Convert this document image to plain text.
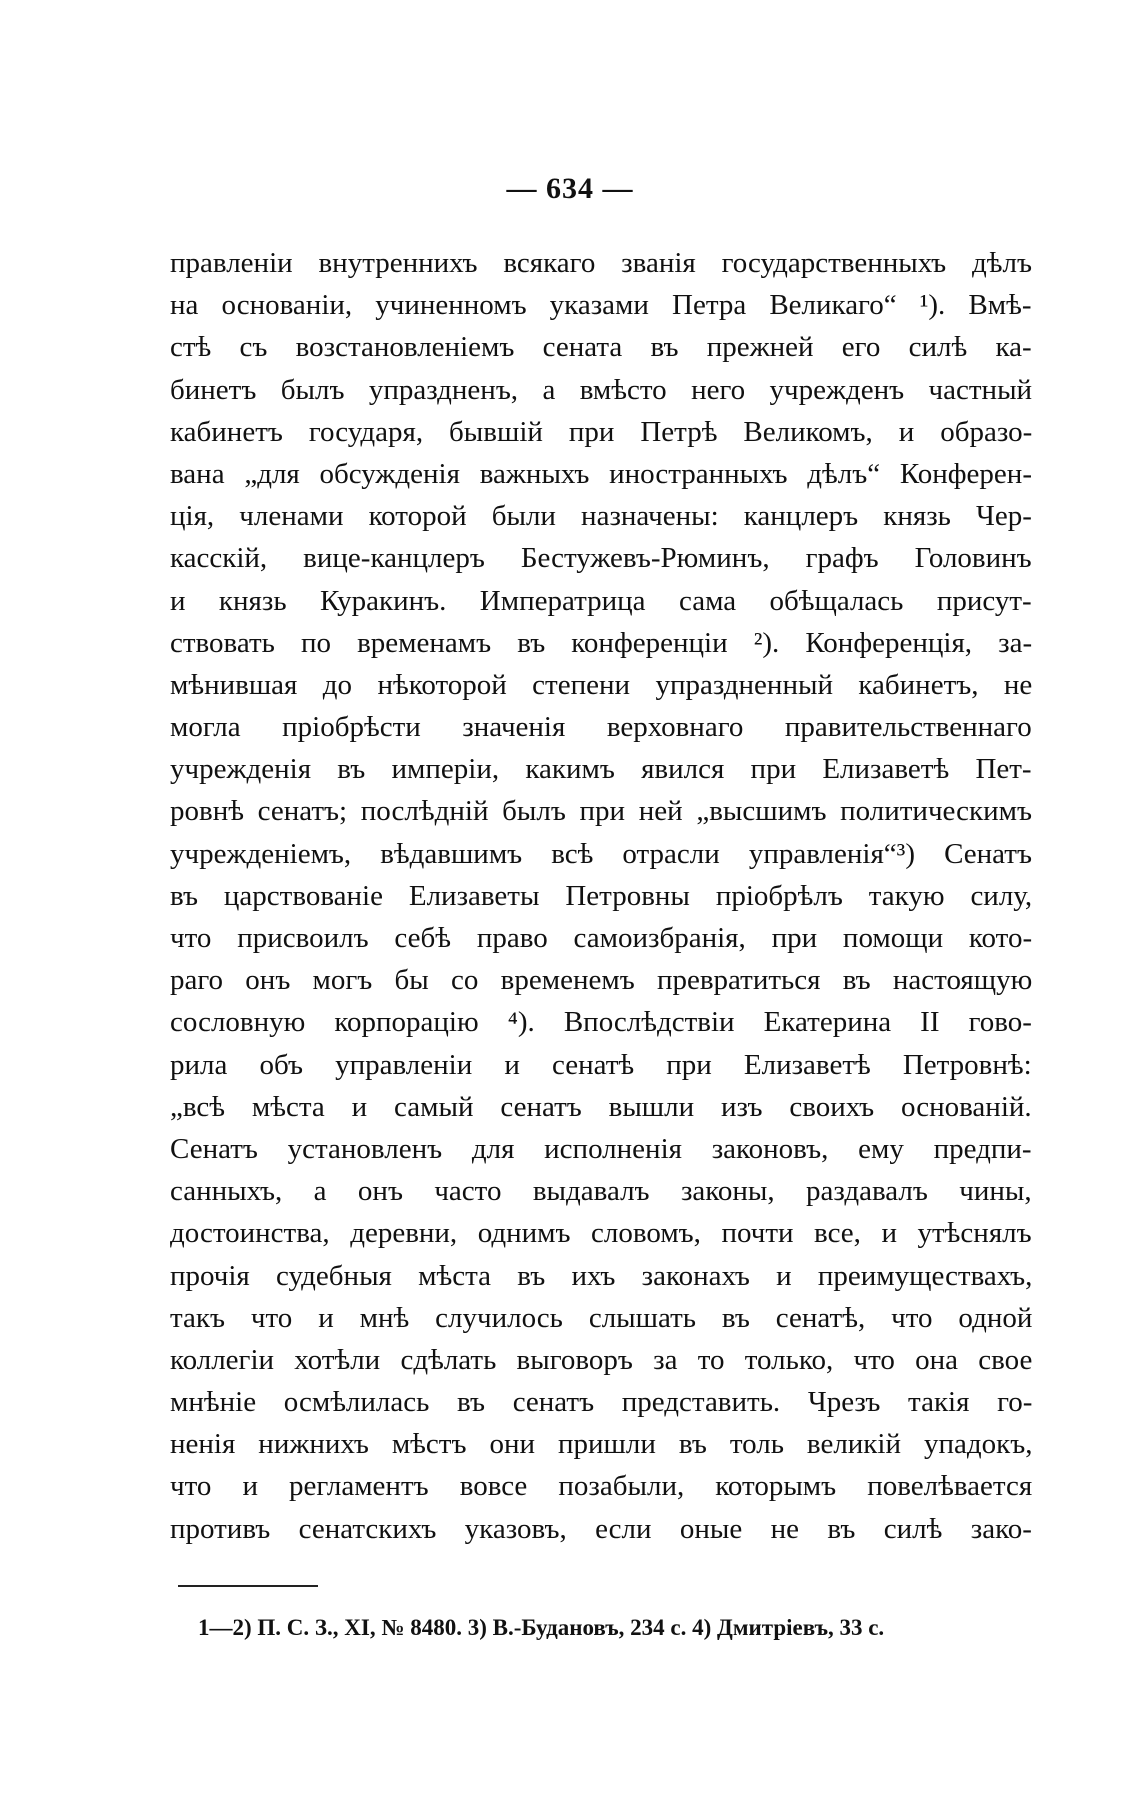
— 634 —
правленіи внутреннихъ всякаго званія государственныхъ дѣлъ
на основаніи, учиненномъ указами Петра Великаго“ ¹). Вмѣ-
стѣ съ возстановленіемъ сената въ прежней его силѣ ка-
бинетъ былъ упраздненъ, а вмѣсто него учрежденъ частный
кабинетъ государя, бывшій при Петрѣ Великомъ, и образо-
вана „для обсужденія важныхъ иностранныхъ дѣлъ“ Конферен-
ція, членами которой были назначены: канцлеръ князь Чер-
касскій, вице-канцлеръ Бестужевъ-Рюминъ, графъ Головинъ
и князь Куракинъ. Императрица сама обѣщалась присут-
ствовать по временамъ въ конференціи ²). Конференція, за-
мѣнившая до нѣкоторой степени упраздненный кабинетъ, не
могла пріобрѣсти значенія верховнаго правительственнаго
учрежденія въ имперіи, какимъ явился при Елизаветѣ Пет-
ровнѣ сенатъ; послѣдній былъ при ней „высшимъ политическимъ
учрежденіемъ, вѣдавшимъ всѣ отрасли управленія“³) Сенатъ
въ царствованіе Елизаветы Петровны пріобрѣлъ такую силу,
что присвоилъ себѣ право самоизбранія, при помощи кото-
раго онъ могъ бы со временемъ превратиться въ настоящую
сословную корпорацію ⁴). Впослѣдствіи Екатерина II гово-
рила объ управленіи и сенатѣ при Елизаветѣ Петровнѣ:
„всѣ мѣста и самый сенатъ вышли изъ своихъ основаній.
Сенатъ установленъ для исполненія законовъ, ему предпи-
санныхъ, а онъ часто выдавалъ законы, раздавалъ чины,
достоинства, деревни, однимъ словомъ, почти все, и утѣснялъ
прочія судебныя мѣста въ ихъ законахъ и преимуществахъ,
такъ что и мнѣ случилось слышать въ сенатѣ, что одной
коллегіи хотѣли сдѣлать выговоръ за то только, что она свое
мнѣніе осмѣлилась въ сенатъ представить. Чрезъ такія го-
ненія нижнихъ мѣстъ они пришли въ толь великій упадокъ,
что и регламентъ вовсе позабыли, которымъ повелѣвается
противъ сенатскихъ указовъ, если оные не въ силѣ зако-
1—2) П. С. З., XI, № 8480. 3) В.-Будановъ, 234 с. 4) Дмитріевъ, 33 с.
